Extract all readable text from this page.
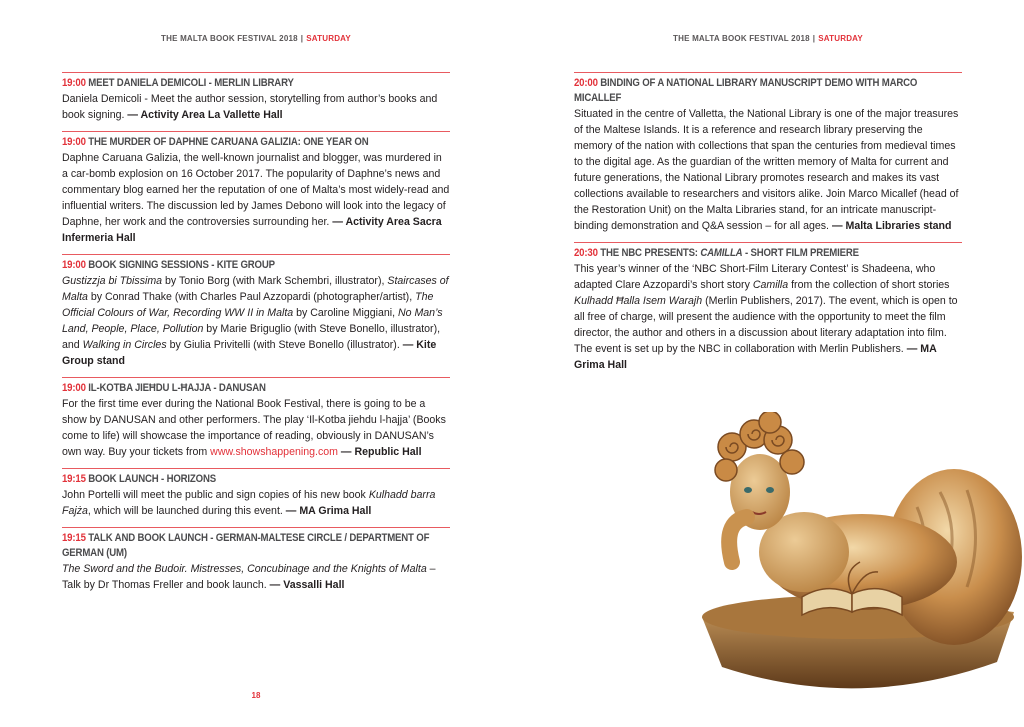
THE MALTA BOOK FESTIVAL 2018 | SATURDAY
19:00 MEET DANIELA DEMICOLI - MERLIN LIBRARY
Daniela Demicoli - Meet the author session, storytelling from author’s books and book signing. — Activity Area La Vallette Hall
19:00 THE MURDER OF DAPHNE CARUANA GALIZIA: ONE YEAR ON
Daphne Caruana Galizia, the well-known journalist and blogger, was murdered in a car-bomb explosion on 16 October 2017. The popularity of Daphne’s news and commentary blog earned her the reputation of one of Malta’s most widely-read and influential writers. The discussion led by James Debono will look into the legacy of Daphne, her work and the controversies surrounding her. — Activity Area Sacra Infermeria Hall
19:00 BOOK SIGNING SESSIONS - KITE GROUP
Gustizzja bi Tbissima by Tonio Borg (with Mark Schembri, illustrator), Staircases of Malta by Conrad Thake (with Charles Paul Azzopardi (photographer/artist), The Official Colours of War, Recording WW II in Malta by Caroline Miggiani, No Man’s Land, People, Place, Pollution by Marie Briguglio (with Steve Bonello, illustrator), and Walking in Circles by Giulia Privitelli (with Steve Bonello (illustrator). — Kite Group stand
19:00 IL-KOTBA JIEĦDU L-ĦAJJA - DANUSAN
For the first time ever during the National Book Festival, there is going to be a show by DANUSAN and other performers. The play ‘Il-Kotba jiehdu l-hajja’ (Books come to life) will showcase the importance of reading, obviously in DANUSAN’s own way. Buy your tickets from www.showshappening.com — Republic Hall
19:15 BOOK LAUNCH - HORIZONS
John Portelli will meet the public and sign copies of his new book Kulhadd barra Fajża, which will be launched during this event. — MA Grima Hall
19:15 TALK AND BOOK LAUNCH - GERMAN-MALTESE CIRCLE / DEPARTMENT OF GERMAN (UM)
The Sword and the Budoir. Mistresses, Concubinage and the Knights of Malta – Talk by Dr Thomas Freller and book launch. — Vassalli Hall
18
THE MALTA BOOK FESTIVAL 2018 | SATURDAY
20:00 BINDING OF A NATIONAL LIBRARY MANUSCRIPT DEMO WITH MARCO MICALLEF
Situated in the centre of Valletta, the National Library is one of the major treasures of the Maltese Islands. It is a reference and research library preserving the memory of the nation with collections that span the centuries from medieval times to the digital age. As the guardian of the written memory of Malta for current and future generations, the National Library promotes research and makes its vast collections available to researchers and visitors alike. Join Marco Micallef (head of the Restoration Unit) on the Malta Libraries stand, for an intricate manuscript-binding demonstration and Q&A session – for all ages. — Malta Libraries stand
20:30 THE NBC PRESENTS: CAMILLA - SHORT FILM PREMIERE
This year’s winner of the ‘NBC Short-Film Literary Contest’ is Shadeena, who adapted Clare Azzopardi’s short story Camilla from the collection of short stories Kulhadd Ħalla Isem Warajh (Merlin Publishers, 2017). The event, which is open to all free of charge, will present the audience with the opportunity to meet the film director, the author and others in a discussion about literary adaptation into film. The event is set up by the NBC in collaboration with Merlin Publishers. — MA Grima Hall
